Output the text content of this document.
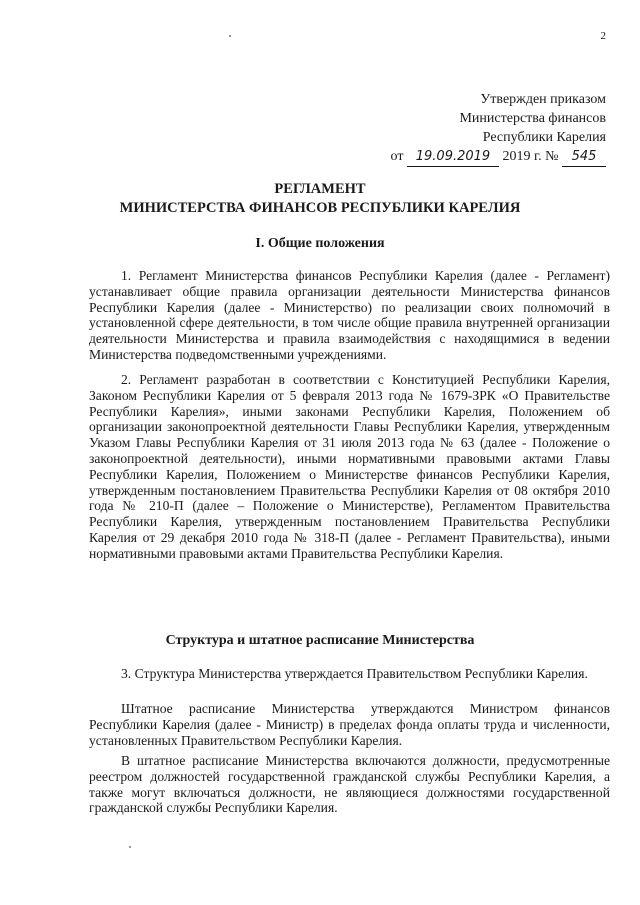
2
Утвержден приказом
Министерства финансов
Республики Карелия
от 19.09.2019 2019 г. № 545
РЕГЛАМЕНТ
МИНИСТЕРСТВА ФИНАНСОВ РЕСПУБЛИКИ КАРЕЛИЯ
I. Общие положения

1. Регламент Министерства финансов Республики Карелия (далее - Регламент) устанавливает общие правила организации деятельности Министерства финансов Республики Карелия (далее - Министерство) по реализации своих полномочий в установленной сфере деятельности, в том числе общие правила внутренней организации деятельности Министерства и правила взаимодействия с находящимися в ведении Министерства подведомственными учреждениями.

2. Регламент разработан в соответствии с Конституцией Республики Карелия, Законом Республики Карелия от 5 февраля 2013 года № 1679-ЗРК «О Правительстве Республики Карелия», иными законами Республики Карелия, Положением об организации законопроектной деятельности Главы Республики Карелия, утвержденным Указом Главы Республики Карелия от 31 июля 2013 года № 63 (далее - Положение о законопроектной деятельности), иными нормативными правовыми актами Главы Республики Карелия, Положением о Министерстве финансов Республики Карелия, утвержденным постановлением Правительства Республики Карелия от 08 октября 2010 года № 210-П (далее – Положение о Министерстве), Регламентом Правительства Республики Карелия, утвержденным постановлением Правительства Республики Карелия от 29 декабря 2010 года № 318-П (далее - Регламент Правительства), иными нормативными правовыми актами Правительства Республики Карелия.

Структура и штатное расписание Министерства

3. Структура Министерства утверждается Правительством Республики Карелия.

Штатное расписание Министерства утверждаются Министром финансов Республики Карелия (далее - Министр) в пределах фонда оплаты труда и численности, установленных Правительством Республики Карелия.

В штатное расписание Министерства включаются должности, предусмотренные реестром должностей государственной гражданской службы Республики Карелия, а также могут включаться должности, не являющиеся должностями государственной гражданской службы Республики Карелия.
